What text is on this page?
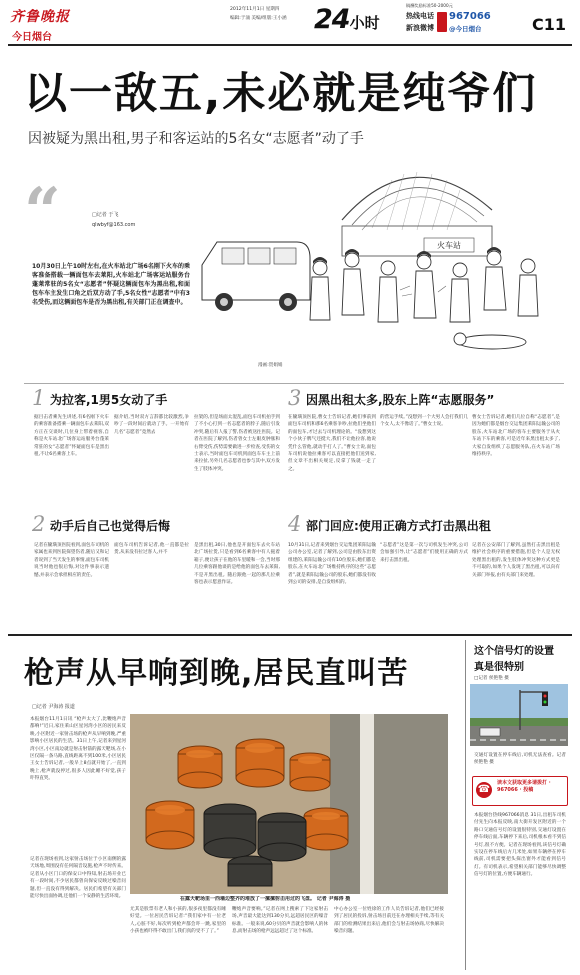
齐鲁晚报
今日烟台
2012年11月1日 星期四
编辑:于涌 美编/组版:王小涵 24小时
稿酬奖励标准50-2000元
热线电话
新浪微博
967066
@今日烟台	C11
以一敌五,未必就是纯爷们
因被疑为黑出租,男子和客运站的5名女“志愿者”动了手
“	□记者 于飞
qlwbyf@163.com
10月30日上午10时左右,在火车站北广场6名刚下火车的乘客准备搭载一辆面包车去莱阳,火车站北广场客运站服务台蓬莱常驻的5名女“志愿者”怀疑这辆面包车为黑出租,和面包车车主发生口角之后双方动了手,5名女性“志愿者”中有3名受伤,而这辆面包车是否为黑出租,有关部门正在调查中。
火车站
漫画:贺娟娟
1 为拉客,1男5女动了手
据目击者乘先生讲述,有6名刚下火车的乘客准备搭乘一辆面包车去莱阳,双方正在交谈时,几位身上带着视客,自称是火车站北广场客运站服务台蓬莱常驻的女“志愿者”怀疑面包车是黑出租,不让6名乘客上车。
据介绍,当时双方言辞都比较激烈,争吵了一段时间后就动了手。一开始有几名“志愿者”竟然去
拉架的,但是场面太混乱,面包车司机拍手到了不小心打到一名志愿者的脖子,随后引发冲突,随后有人报了警,伤者被送往医院。记者在医院了解到,伤者曾女士左眼皮肿胀和右臂受伤,伤势需要做进一步检查,受伤的女士表示,当时面包车司机到面包车车主上前来拉扯,另外几名志愿者也参与其中,双方发生了肢体冲突。
3 因黑出租太多,股东上阵“志愿服务”
在毓璜顶医院,曹女士告诉记者,她们事前到面包车司机和那6名乘客争吵,拉他们坐他们的面包车,才过去与司机理论的。“没想到这个小伙子脾气还挺大,我们不让他拉客,他说凭什么管他,就动手打人了。”曹女士说,面包车司机说他拉乘客可以直接把他们送到家,但文章不出相关规定,反拿了钱就一走了之。
的营运手续。”没想到一个大男人会打我们几个女人,太不像话了。”曹女士说。
曹女士告诉记者,她们几位自称“志愿者”,是因为她们都是烟台交运集团莱阳运输公司的股东,火车站北广场的客车主要服务于从火车站下车的乘客,可是近年来黑出租太多了,大家自发组织了志愿服务队,在火车站广场维持秩序。
2 动手后自己也觉得后悔
记者在毓璜顶医院看到,面包车司机的家属也来到医院探望伤者,随后又和记者说到了当天发生的事情,面包车司机说当时他也很后悔,对这件事表示遗憾,并表示会承担相应的责任。
面包车司机告诉记者,他一直都是拉货,从来没有拉过客人,并不
是黑出租,30日,他也是开面包车去火车站北广场拉货,只是看到6名乘客中有人拖着箱子,便让孩子在他的车里暖和一会,当时那几位乘客跟他谈的是给他的面包车去莱阳,不是开黑出租。随后跟他一起的那几位乘客也表示愿意作证。
4 部门回应:使用正确方式打击黑出租
10月31日,记者来到烟台交运集团莱阳运输公司办公室,记者了解到,公司是由股东出资组建的,莱阳运输公司有10位股东,她们都是股东,在火车站北广场维持秩序的这些“志愿者”,就是莱阳运输公司的股东,她们都没有收到公司的安排,是自发组织的。
“志愿者”这是第一次与司机发生冲突,公司会加强引导,让“志愿者”们使用正确的方式来打击黑出租。
记者在公安部门了解到,虽然打击黑出租是维护社会秩序的重要措施,但是个人是无权处理黑出租的,发生肢体冲突这种方式更是不可取的,如果个人发现了黑出租,可以向有关部门举报,由有关部门来处理。
枪声从早响到晚,居民直叫苦
□记者 尹海涛 报道
本报烟台11月1日讯 “枪声太大了,比鞭炮声音都响!”近日,家住莱山区星河湾小区的居民来反映,小区附近一家射击场的枪声从早响到晚,严重影响小区居民的生活。31日上午,记者来到星河湾小区,小区南边就是射击射箭的露天靶场,在小区仅隔一条马路,直线距离不到100米,小区居民王女士告诉记者,一般早上8点就开始了,一直到晚上,枪声就没停过,很多人因此睡不好觉,孩子吓得直哭。
记者在现场看到,这家射击场位于小区南侧的露天场地,周围没有任何隔音设施,枪声不时传来。记者从小区门口的保安口中得知,射击场开业已有一段时间,不少居民都曾向保安反映过噪音问题,但一直没有得到解决。居民们希望有关部门能尽快出面协调,还他们一个安静的生活环境。	在露天靶场里一西墙边整齐的堆放了一摞摞射击用过的飞盘。 记者 尹海涛 摄
尤其是股票有老人和小孩的,很多夜里都没有睡好觉。一位居民告诉记者:“我们家中有一位老人,心脏不好,每次听到枪声都会吓一跳,家里的小孩也被吓得不敢出门,我们真的受不了了。”
鞭炮声音要响。”记者在网上搜索了下这家射击场,声音最大能达到130分贝,远超居民区的噪音标准。一般来说,60分贝的声音就会影响人的休息,而射击场的枪声远远超过了这个标准。
中心办公室一位姓徐的工作人员告诉记者,他们已经接到了居民的投诉,射击场目前还在办理相关手续,等有关部门的检测结果出来后,他们会与射击场协商,尽快解决噪音问题。
这个信号灯的设置
真是很特别
□记者 侯艳艳 摄
交通灯设置在停车线后,司机无法查看。记者 侯艳艳 摄
☎
读本文获取更多请拨打 · 967066 · 投稿
本报烟台热线967066消息 31日,出租车司机付先生向本报反映,南大街开发区附近的一个路口交通信号灯的设置很特别,交通灯设置在停车线后面,车辆停下来后,司机根本看不到信号灯,很不方便。记者在现场看到,该信号灯确实设在停车线后方几米处,如果车辆停在停车线前,司机需要把头探出窗外才能看到信号灯。有司机表示,希望相关部门能够尽快调整信号灯的位置,方便车辆通行。
